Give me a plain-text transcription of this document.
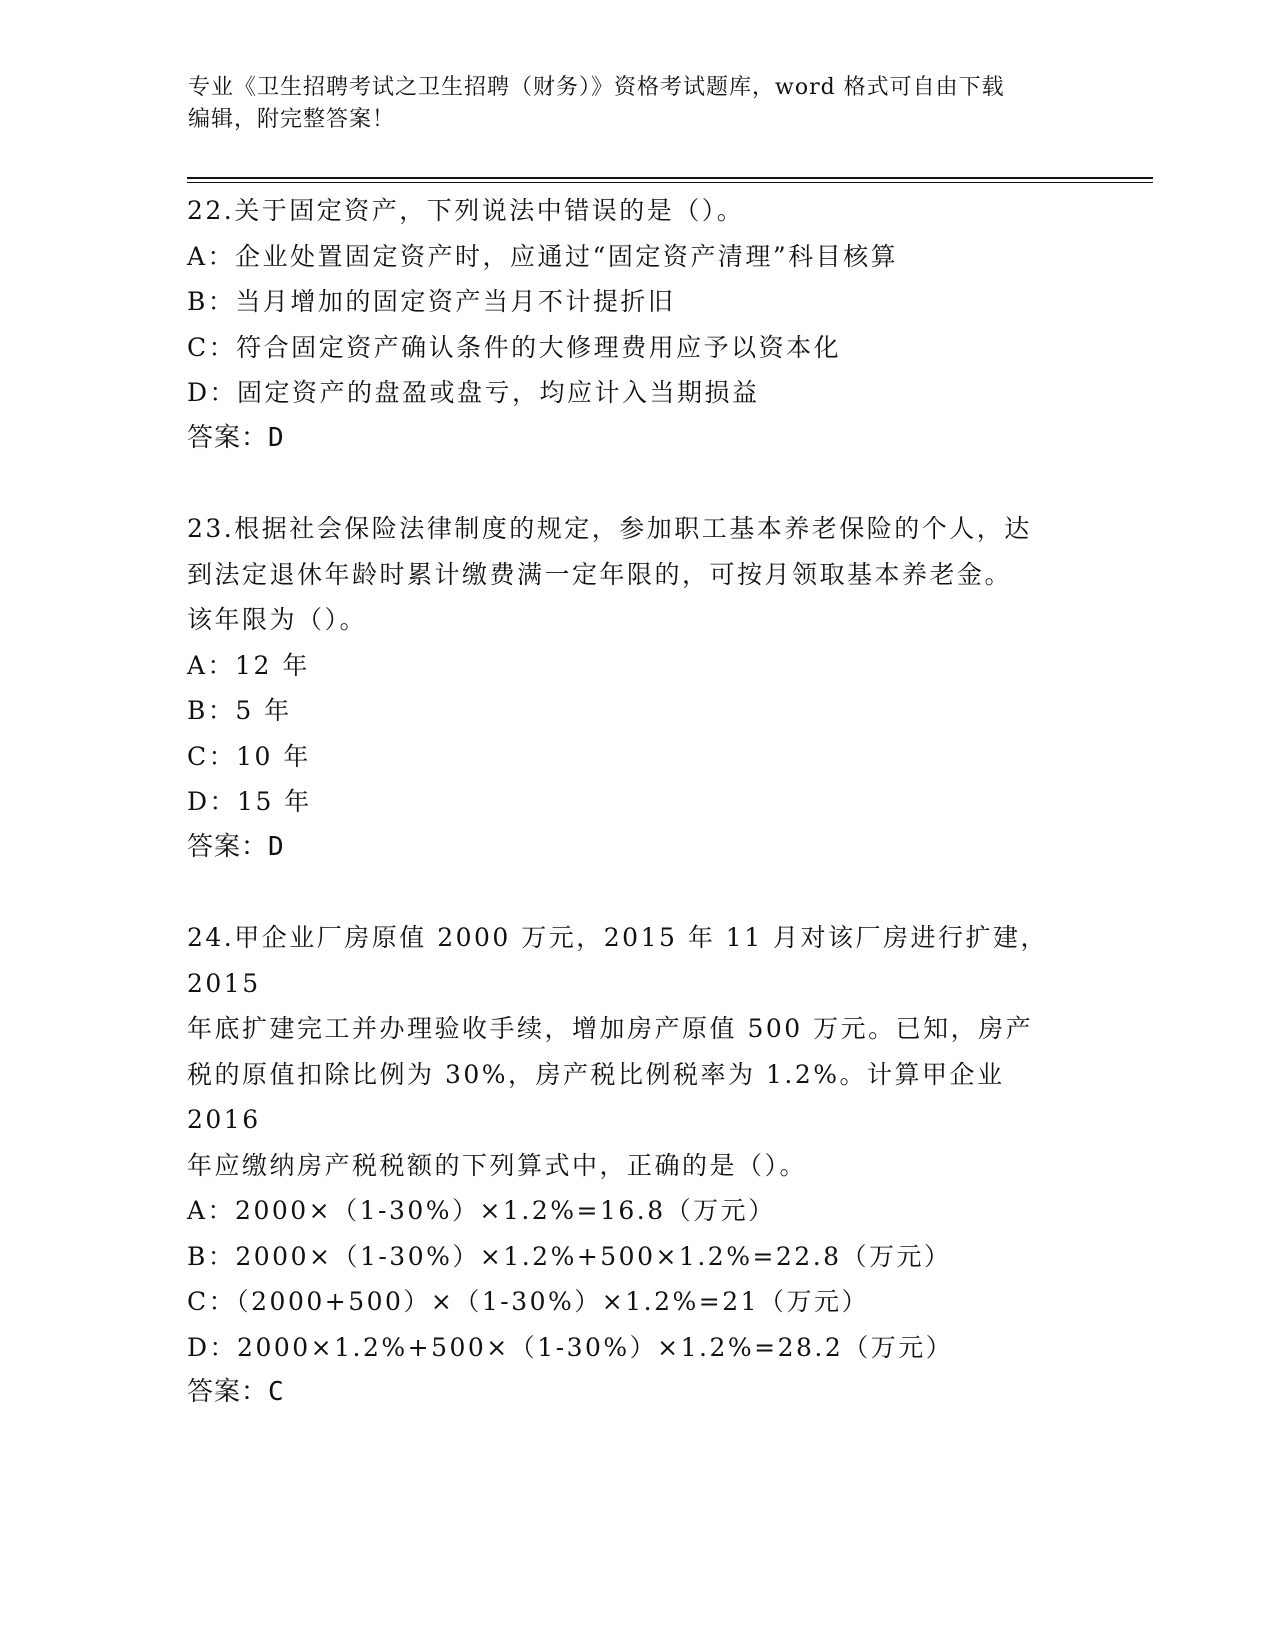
专业《卫生招聘考试之卫生招聘（财务）》资格考试题库，word 格式可自由下载
编辑，附完整答案！

22.关于固定资产，下列说法中错误的是（）。

A：企业处置固定资产时，应通过“固定资产清理”科目核算

B：当月增加的固定资产当月不计提折旧

C：符合固定资产确认条件的大修理费用应予以资本化

D：固定资产的盘盈或盘亏，均应计入当期损益

答案：D

23.根据社会保险法律制度的规定，参加职工基本养老保险的个人，达

到法定退休年龄时累计缴费满一定年限的，可按月领取基本养老金。

该年限为（）。

A：12 年

B：5 年

C：10 年

D：15 年

答案：D

24.甲企业厂房原值 2000 万元，2015 年 11 月对该厂房进行扩建，2015

年底扩建完工并办理验收手续，增加房产原值 500 万元。已知，房产

税的原值扣除比例为 30%，房产税比例税率为 1.2%。计算甲企业 2016

年应缴纳房产税税额的下列算式中，正确的是（）。

A：2000×（1-30%）×1.2%=16.8（万元）

B：2000×（1-30%）×1.2%+500×1.2%=22.8（万元）

C：（2000+500）×（1-30%）×1.2%=21（万元）

D：2000×1.2%+500×（1-30%）×1.2%=28.2（万元）

答案：C
